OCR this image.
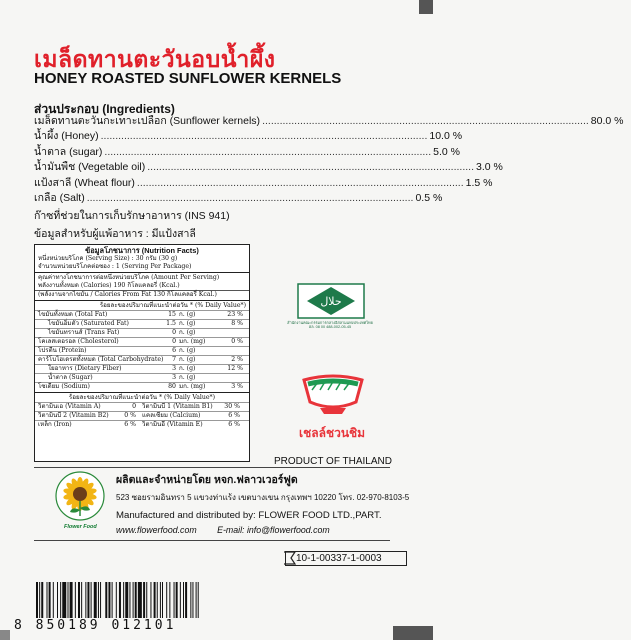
เมล็ดทานตะวันอบน้ำผึ้ง
HONEY ROASTED SUNFLOWER KERNELS
ส่วนประกอบ (Ingredients)
เมล็ดทานตะวันกะเทาะเปลือก (Sunflower kernels) .....	80.0 %
น้ำผึ้ง (Honey) .....	10.0 %
น้ำตาล (sugar) .....	5.0 %
น้ำมันพืช (Vegetable oil) .....	3.0 %
แป้งสาลี (Wheat flour) .....	1.5 %
เกลือ (Salt) .....	0.5 %
ก๊าซที่ช่วยในการเก็บรักษาอาหาร (INS 941)
ข้อมูลโภชนาการ (Nutrition Facts)
หนึ่งหน่วยบริโภค (Serving Size) : 30 กรัม (30 g)
จำนวนหน่วยบริโภคต่อซอง : 1 (Serving Per Package)
คุณค่าทางโภชนาการต่อหนึ่งหน่วยบริโภค (Amount Per Serving)
พลังงานทั้งหมด (Calories) 190 กิโลแคลอรี่ (Kcal.)
(พลังงานจากไขมัน / Calories From Fat 130 กิโลแคลอรี่ Kcal.)
ร้อยละของปริมาณที่แนะนำต่อวัน * (% Daily Value*)
ไขมันทั้งหมด (Total Fat)	15 ก. (g)	23 %
ไขมันอิ่มตัว (Saturated Fat)	1.5 ก. (g)	8 %
ไขมันทรานส์ (Trans Fat)	0 ก. (g)
โคเลสเตอรอล (Cholesterol)	0 มก. (mg)	0 %
โปรตีน (Protein)	6 ก. (g)
คาร์โบไฮเดรตทั้งหมด (Total Carbohydrate)	7 ก. (g)	2 %
ใยอาหาร (Dietary Fiber)	3 ก. (g)	12 %
น้ำตาล (Sugar)	3 ก. (g)
โซเดียม (Sodium)	80 มก. (mg)	3 %
ร้อยละของปริมาณที่แนะนำต่อวัน * (% Daily Value*)
วิตามินเอ (Vitamin A)	0 วิตามินบี 1 (Vitamin B1)	30 %
วิตามินบี 2 (Vitamin B2)	0 % แคลเซียม (Calcium)	6 %
เหล็ก (Iron)	6 % วิตามินอี (Vitamin E)	6 %
حلال
สำนักงานคณะกรรมการกลางอิสลามแห่งประเทศไทย
ฮล. 08 00 488-002-05-45
เชลล์ชวนชิม
PRODUCT OF THAILAND
Flower Food
ผลิตและจำหน่ายโดย หจก.ฟลาวเวอร์ฟูด
523 ซอยรามอินทรา 5 แขวงท่าแร้ง เขตบางเขน กรุงเทพฯ 10220 โทร. 02-970-8103-5
Manufactured and distributed by: FLOWER FOOD LTD.,PART.
www.flowerfood.com E-mail: info@flowerfood.com
10-1-00337-1-0003
8 850189 012101
ข้อมูลสำหรับผู้แพ้อาหาร : มีแป้งสาลี
